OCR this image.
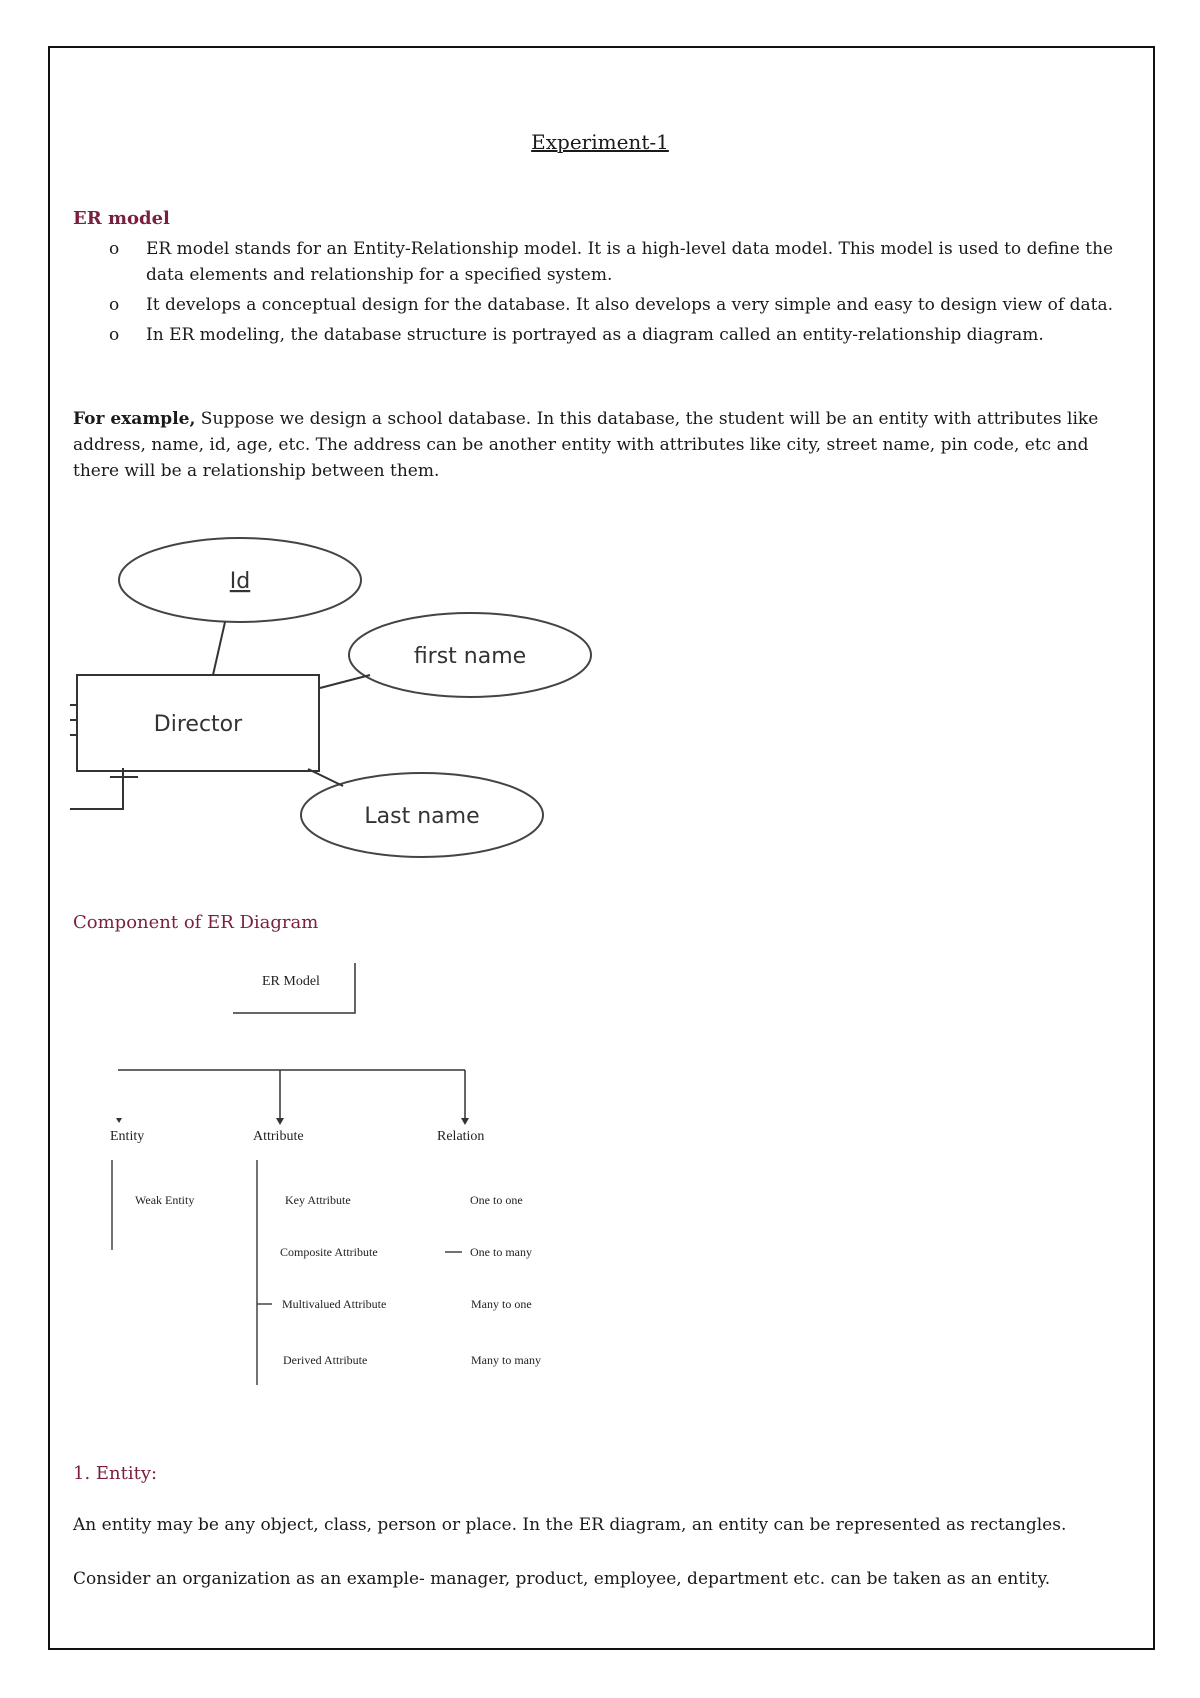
Experiment-1
ER model
o ER model stands for an Entity-Relationship model. It is a high-level data model. This model is used to define the data elements and relationship for a specified system.
o It develops a conceptual design for the database. It also develops a very simple and easy to design view of data.
o In ER modeling, the database structure is portrayed as a diagram called an entity-relationship diagram.

For example, Suppose we design a school database. In this database, the student will be an entity with attributes like address, name, id, age, etc. The address can be another entity with attributes like city, street name, pin code, etc and there will be a relationship between them.

Id
first name
Last name
Director
Component of ER Diagram
ER Model
Entity	Attribute	Relation
Weak Entity	Key Attribute
Composite Attribute
Multivalued Attribute
Derived Attribute
One to one
One to many
Many to one
Many to many
1. Entity:

An entity may be any object, class, person or place. In the ER diagram, an entity can be represented as rectangles.

Consider an organization as an example- manager, product, employee, department etc. can be taken as an entity.
